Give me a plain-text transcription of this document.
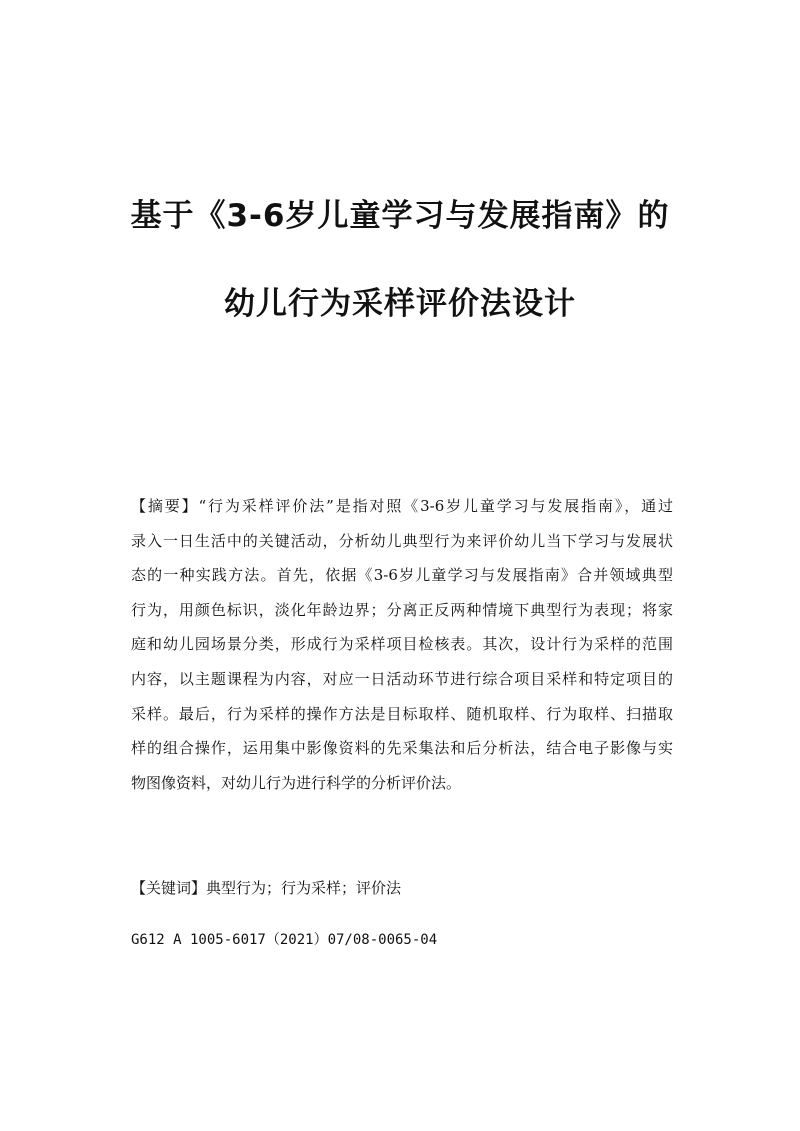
基于《3-6岁儿童学习与发展指南》的
幼儿行为采样评价法设计
【摘要】“行为采样评价法”是指对照《3-6岁儿童学习与发展指南》，通过
录入一日生活中的关键活动，分析幼儿典型行为来评价幼儿当下学习与发展状
态的一种实践方法。首先，依据《3-6岁儿童学习与发展指南》合并领域典型
行为，用颜色标识，淡化年龄边界；分离正反两种情境下典型行为表现；将家
庭和幼儿园场景分类，形成行为采样项目检核表。其次，设计行为采样的范围
内容，以主题课程为内容，对应一日活动环节进行综合项目采样和特定项目的
采样。最后，行为采样的操作方法是目标取样、随机取样、行为取样、扫描取
样的组合操作，运用集中影像资料的先采集法和后分析法，结合电子影像与实
物图像资料，对幼儿行为进行科学的分析评价法。
【关键词】典型行为；行为采样；评价法
G612 A 1005-6017（2021）07/08-0065-04
